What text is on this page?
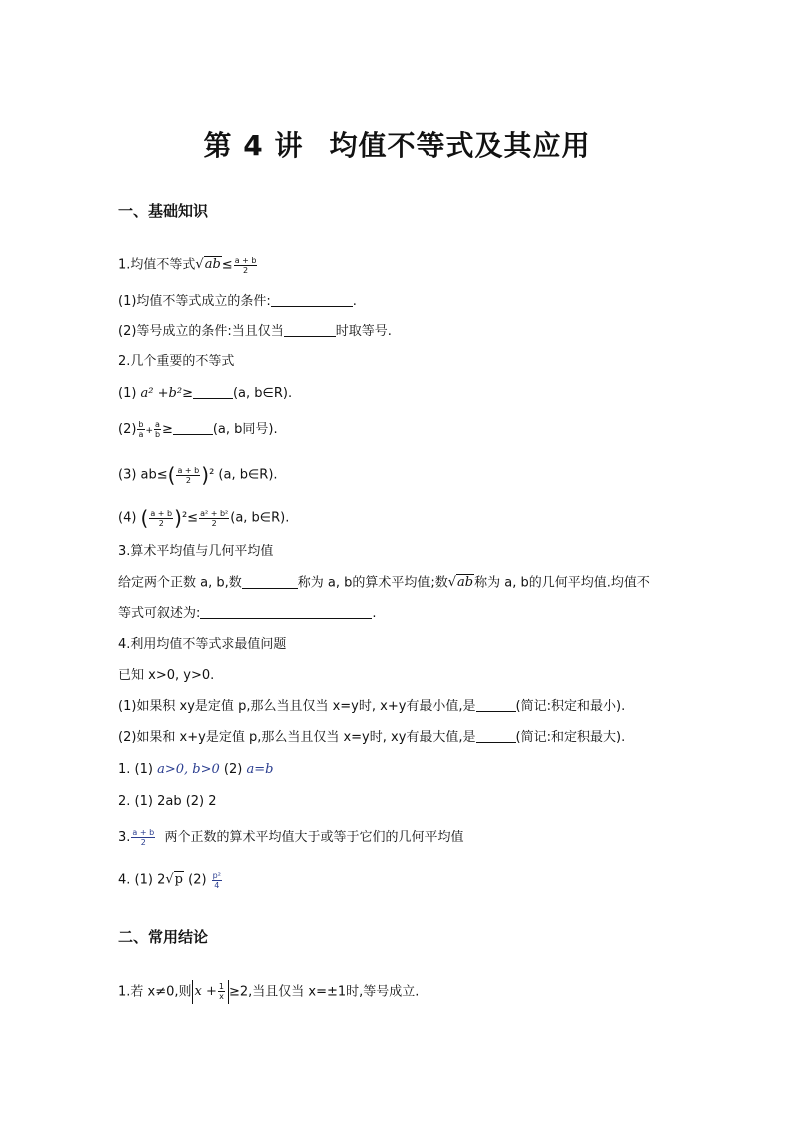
第 4 讲 均值不等式及其应用
一、基础知识
1.均值不等式$√ab\le \frac{a + b}{2}$
(1)均值不等式成立的条件:	.
(2)等号成立的条件:当且仅当	时取等号.
2.几个重要的不等式
(1) a² +b²≥	(a, b∈R).
$(2) \frac{b}{a} + \frac{a}{b}$ ≥	(a, b同号).
(3) $ab\le( \frac{a + b}{2} )^2$ (a, b∈R).
(4) ( $\frac{a + b}{2} )^2\le \frac{\text{a² + b²}}{2} (a$, b∈R).
3.算术平均值与几何平均值
给定两个正数 a, b,数	称为 a, b的算术平均值;数√ab称为 a, b的几何平均值.均值不
等式可叙述为:	.
4.利用均值不等式求最值问题
已知 x>0, y>0.
(1)如果积 xy是定值 p,那么当且仅当 x=y时, x+y有最小值,是	(简记:积定和最小).
(2)如果和 x+y是定值 p,那么当且仅当 x=y时, xy有最大值,是	(简记:和定积最大).
1. (1) a>0, b>0 (2) a=b
2. (1) 2ab (2) 2
3. $\frac{a + b}{2}$ 两个正数的算术平均值大于或等于它们的几何平均值
4. (1) 2√p $(2) \frac{\text{p²}}{4}$
二、常用结论
1.若 x≠0,则 $x + \frac{1}{x} \ge 2$,当且仅当 x=±1时,等号成立.
